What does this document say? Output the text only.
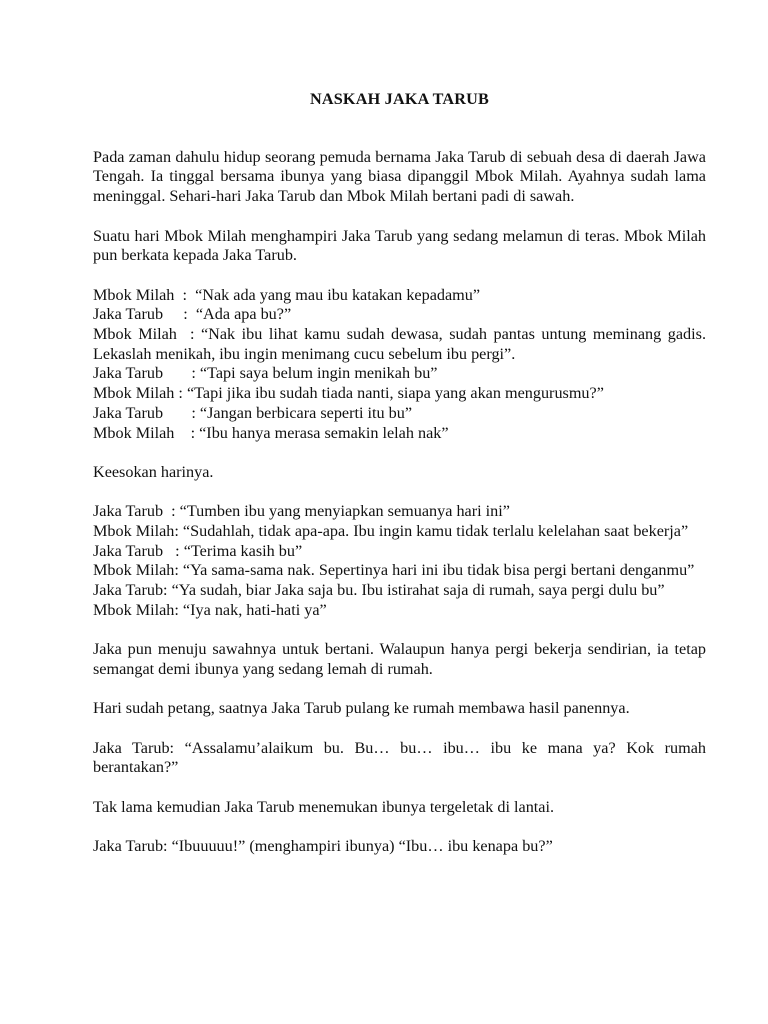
NASKAH JAKA TARUB

Pada zaman dahulu hidup seorang pemuda bernama Jaka Tarub di sebuah desa di daerah Jawa Tengah. Ia tinggal bersama ibunya yang biasa dipanggil Mbok Milah. Ayahnya sudah lama meninggal. Sehari-hari Jaka Tarub dan Mbok Milah bertani padi di sawah.

Suatu hari Mbok Milah menghampiri Jaka Tarub yang sedang melamun di teras. Mbok Milah pun berkata kepada Jaka Tarub.

Mbok Milah  :  “Nak ada yang mau ibu katakan kepadamu”

Jaka Tarub     :  “Ada apa bu?”

Mbok Milah  : “Nak ibu lihat kamu sudah dewasa, sudah pantas untung meminang gadis. Lekaslah menikah, ibu ingin menimang cucu sebelum ibu pergi”.

Jaka Tarub       : “Tapi saya belum ingin menikah bu”

Mbok Milah : “Tapi jika ibu sudah tiada nanti, siapa yang akan mengurusmu?”

Jaka Tarub       : “Jangan berbicara seperti itu bu”

Mbok Milah    : “Ibu hanya merasa semakin lelah nak”

Keesokan harinya.

Jaka Tarub  : “Tumben ibu yang menyiapkan semuanya hari ini”

Mbok Milah: “Sudahlah, tidak apa-apa. Ibu ingin kamu tidak terlalu kelelahan saat bekerja”

Jaka Tarub   : “Terima kasih bu”

Mbok Milah: “Ya sama-sama nak. Sepertinya hari ini ibu tidak bisa pergi bertani denganmu”

Jaka Tarub: “Ya sudah, biar Jaka saja bu. Ibu istirahat saja di rumah, saya pergi dulu bu”

Mbok Milah: “Iya nak, hati-hati ya”

Jaka pun menuju sawahnya untuk bertani. Walaupun hanya pergi bekerja sendirian, ia tetap semangat demi ibunya yang sedang lemah di rumah.

Hari sudah petang, saatnya Jaka Tarub pulang ke rumah membawa hasil panennya.

Jaka Tarub: “Assalamu’alaikum bu. Bu… bu… ibu… ibu ke mana ya? Kok rumah berantakan?”

Tak lama kemudian Jaka Tarub menemukan ibunya tergeletak di lantai.

Jaka Tarub: “Ibuuuuu!” (menghampiri ibunya) “Ibu… ibu kenapa bu?”
